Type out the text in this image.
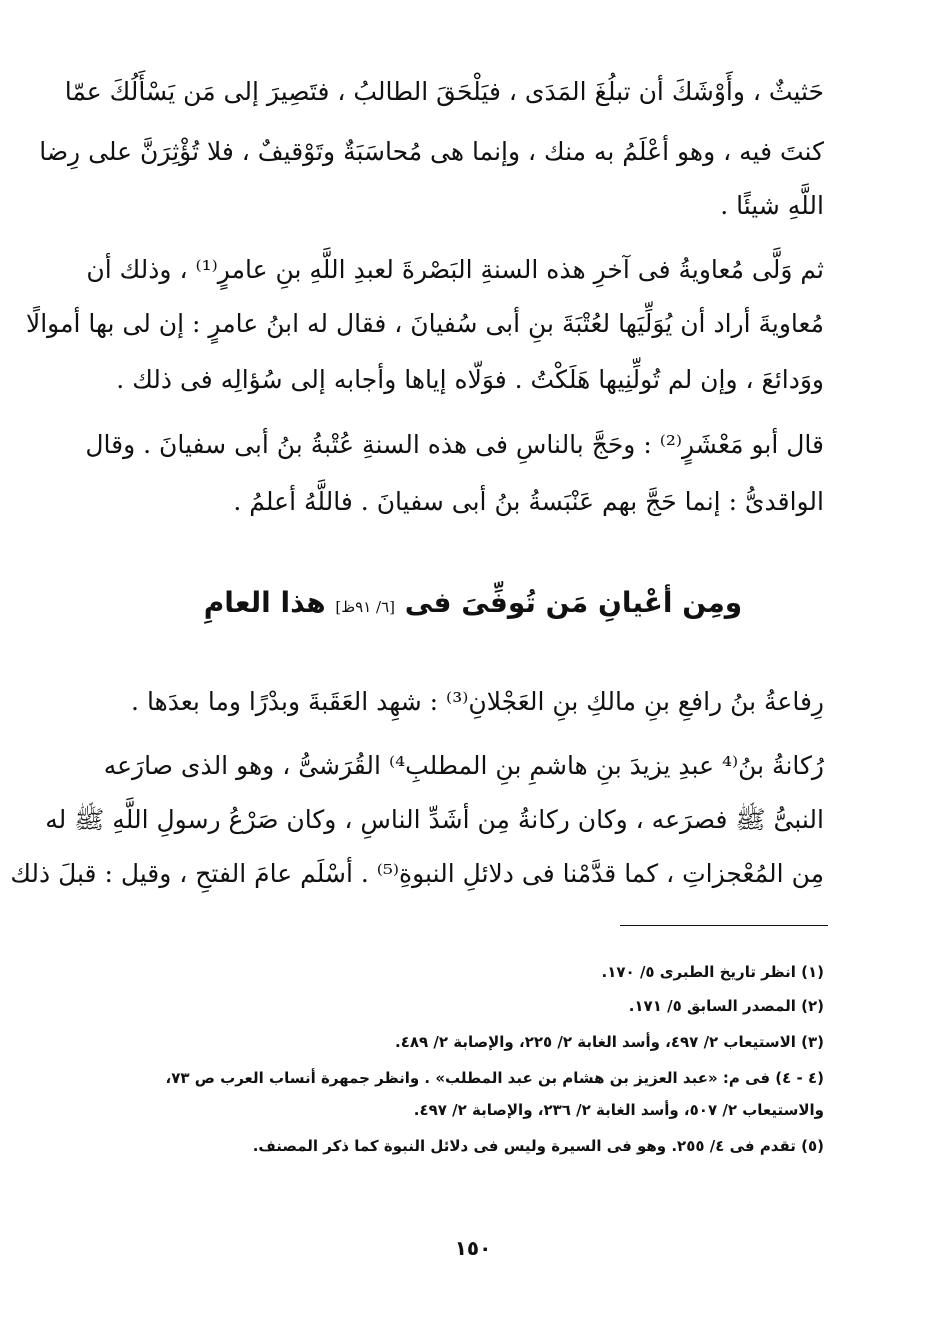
حَثيثٌ ، وأَوْشَكَ أن تبلُغَ المَدَى ، فيَلْحَقَ الطالبُ ، فتَصِيرَ إلى مَن يَسْأَلُكَ عمّا

كنتَ فيه ، وهو أعْلَمُ به منك ، وإنما هى مُحاسَبَةٌ وتَوْقيفٌ ، فلا تُؤْثِرَنَّ على رِضا

اللَّهِ شيئًا .

ثم وَلَّى مُعاويةُ فى آخرِ هذه السنةِ البَصْرةَ لعبدِ اللَّهِ بنِ عامرٍ⁽¹⁾ ، وذلك أن

مُعاويةَ أراد أن يُوَلِّيَها لعُتْبَةَ بنِ أبى سُفيانَ ، فقال له ابنُ عامرٍ : إن لى بها أموالًا

ووَدائعَ ، وإن لم تُولِّنِيها هَلَكْتُ . فوَلّاه إياها وأجابه إلى سُؤالِه فى ذلك .

قال أبو مَعْشَرٍ⁽²⁾ : وحَجَّ بالناسِ فى هذه السنةِ عُتْبةُ بنُ أبى سفيانَ . وقال

الواقدىُّ : إنما حَجَّ بهم عَنْبَسةُ بنُ أبى سفيانَ . فاللَّهُ أعلمُ .

ومِن أعْيانِ مَن تُوفِّىَ فى [٦/ ٩١ظ] هذا العامِ

رِفاعةُ بنُ رافعِ بنِ مالكِ بنِ العَجْلانِ⁽³⁾ : شهِد العَقَبةَ وبدْرًا وما بعدَها .

رُكانةُ بنُ⁽⁴ عبدِ يزيدَ بنِ هاشمِ بنِ المطلبِ⁴⁾ القُرَشىُّ ، وهو الذى صارَعه

النبىُّ ﷺ فصرَعه ، وكان ركانةُ مِن أشَدِّ الناسِ ، وكان صَرْعُ رسولِ اللَّهِ ﷺ له

مِن المُعْجزاتِ ، كما قدَّمْنا فى دلائلِ النبوةِ⁽⁵⁾ . أسْلَم عامَ الفتحِ ، وقيل : قبلَ ذلك

(١) انظر تاريخ الطبرى ٥/ ١٧٠.

(٢) المصدر السابق ٥/ ١٧١.

(٣) الاستيعاب ٢/ ٤٩٧، وأسد الغابة ٢/ ٢٢٥، والإصابة ٢/ ٤٨٩.

(٤ - ٤) فى م: «عبد العزيز بن هشام بن عبد المطلب» . وانظر جمهرة أنساب العرب ص ٧٣،

والاستيعاب ٢/ ٥٠٧، وأسد الغابة ٢/ ٢٣٦، والإصابة ٢/ ٤٩٧.

(٥) تقدم فى ٤/ ٢٥٥. وهو فى السيرة وليس فى دلائل النبوة كما ذكر المصنف.

١٥٠
